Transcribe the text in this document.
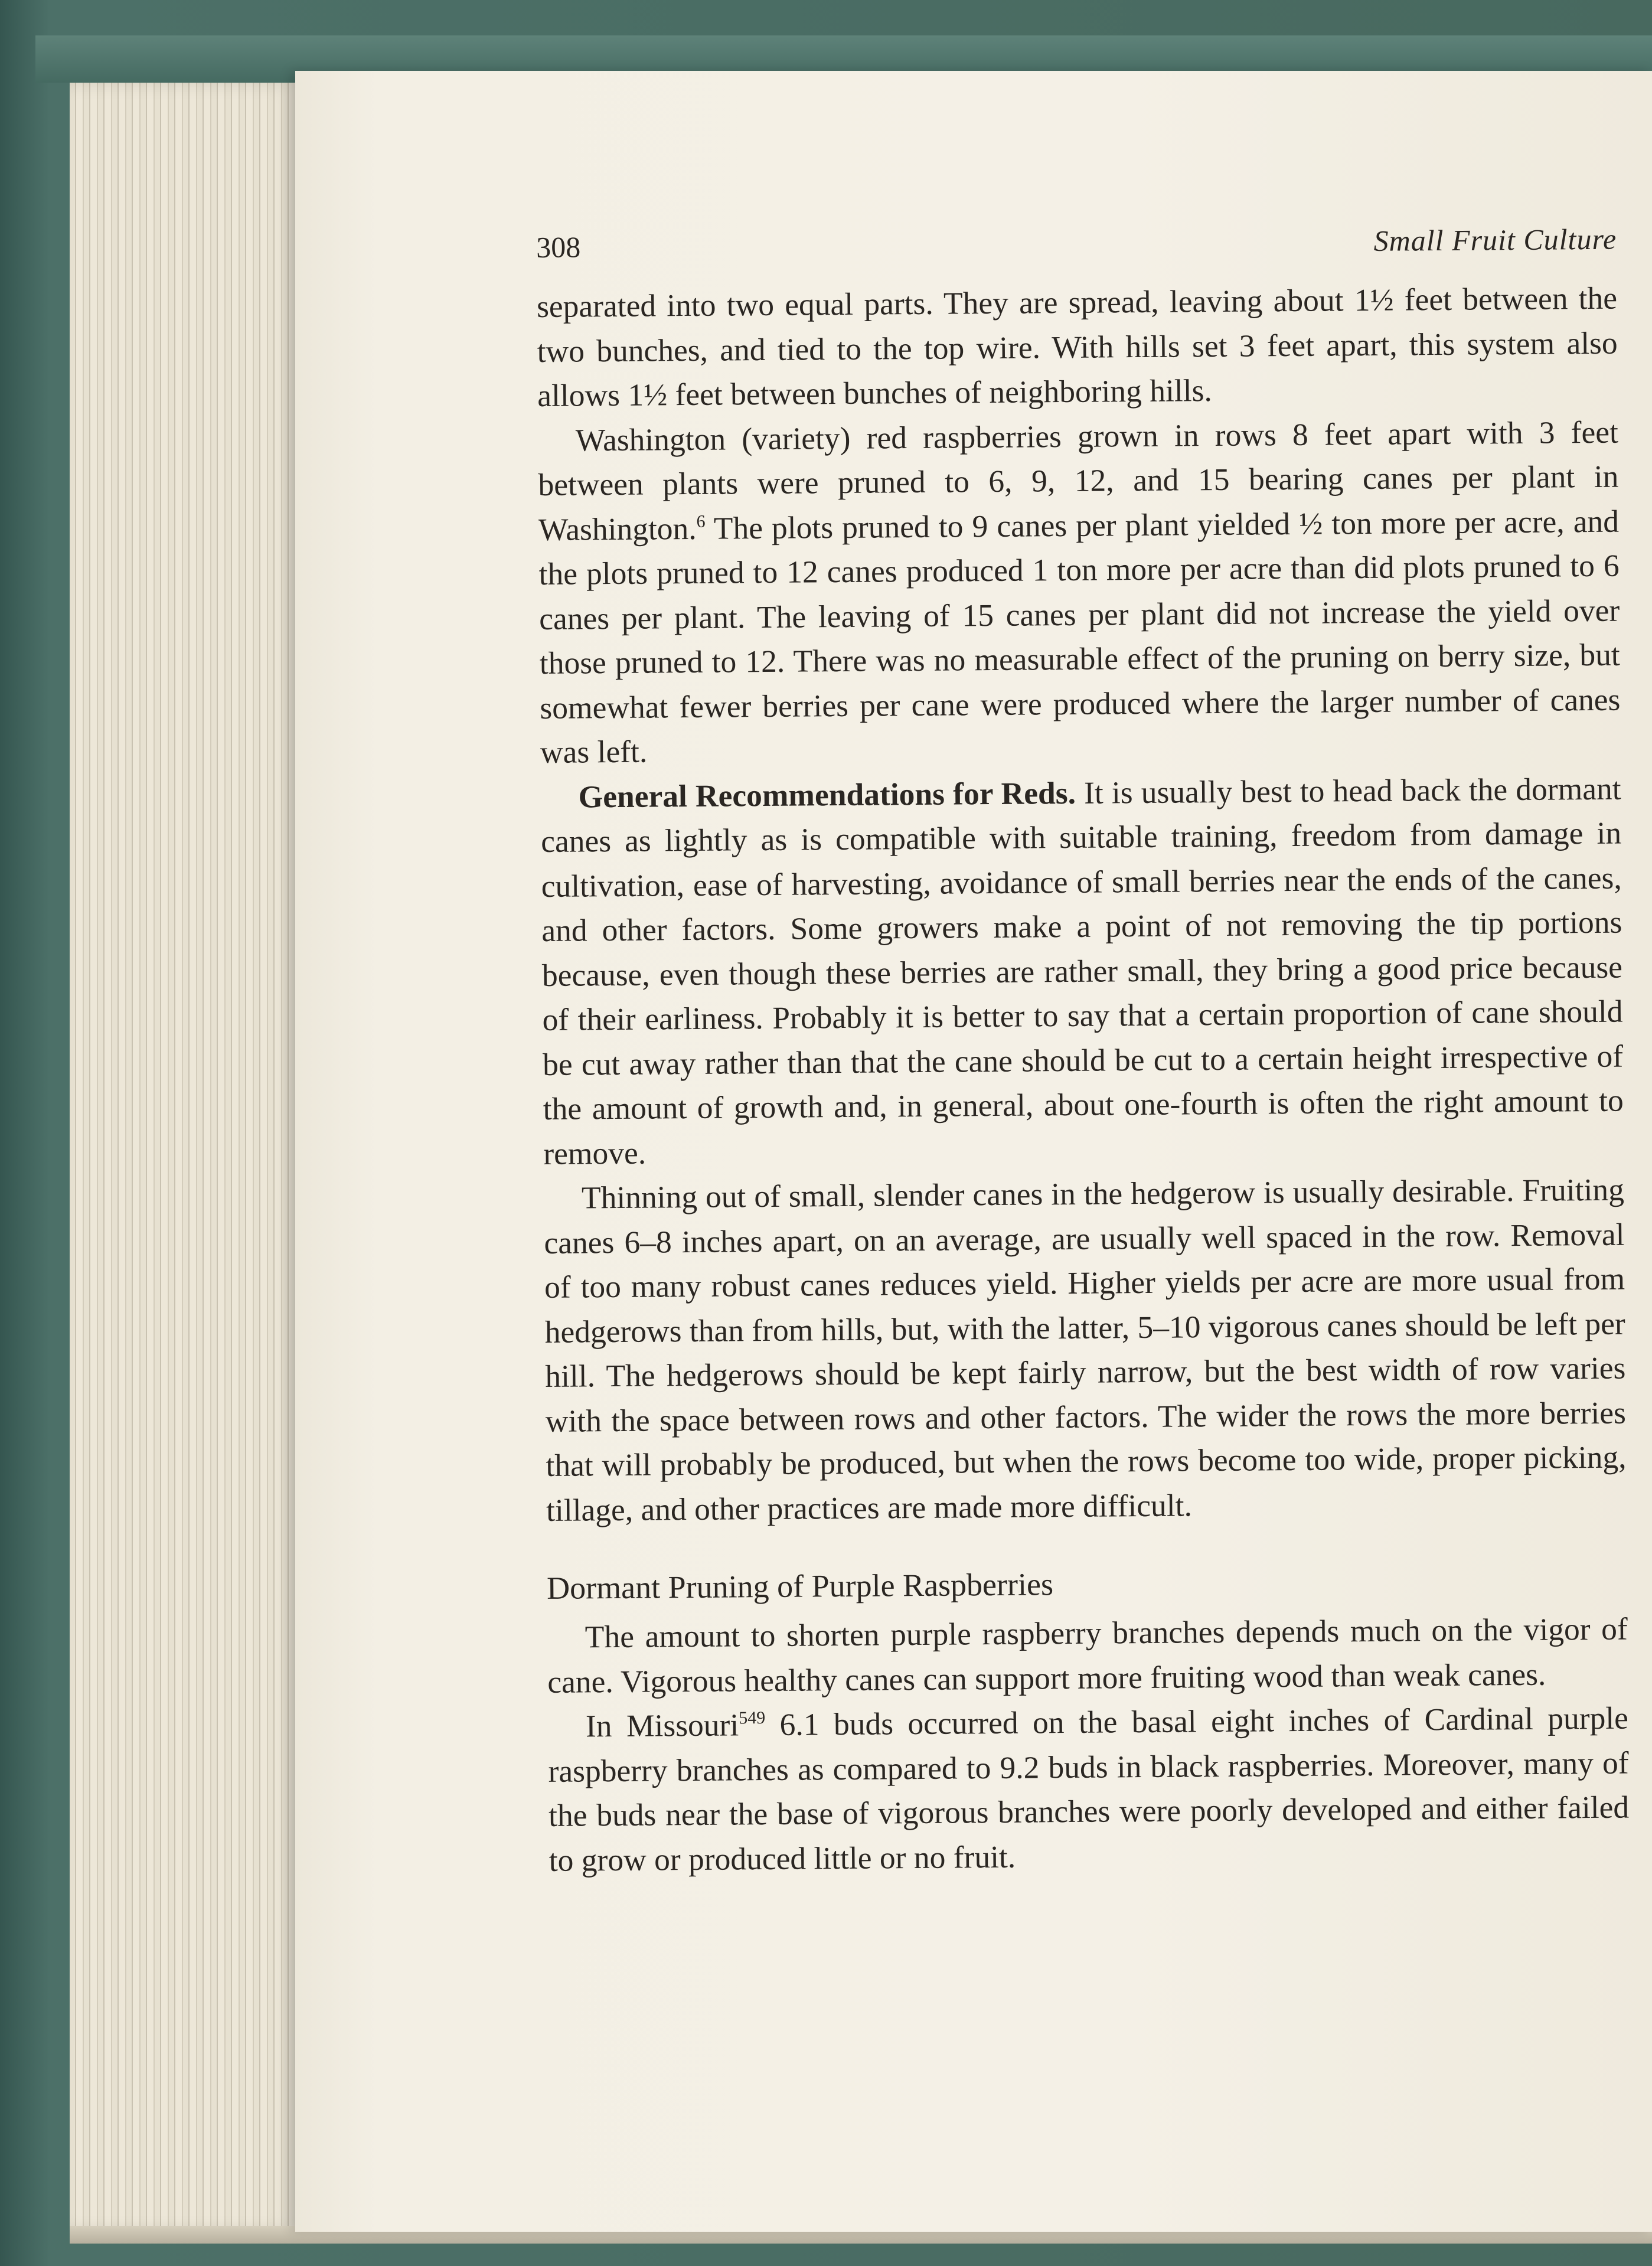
308	Small Fruit Culture

separated into two equal parts. They are spread, leaving about 1½ feet between the two bunches, and tied to the top wire. With hills set 3 feet apart, this system also allows 1½ feet between bunches of neighboring hills.

Washington (variety) red raspberries grown in rows 8 feet apart with 3 feet between plants were pruned to 6, 9, 12, and 15 bearing canes per plant in Washington.$^6$ The plots pruned to 9 canes per plant yielded ½ ton more per acre, and the plots pruned to 12 canes produced 1 ton more per acre than did plots pruned to 6 canes per plant. The leaving of 15 canes per plant did not increase the yield over those pruned to 12. There was no measurable effect of the pruning on berry size, but somewhat fewer berries per cane were produced where the larger number of canes was left.

General Recommendations for Reds. It is usually best to head back the dormant canes as lightly as is compatible with suitable training, freedom from damage in cultivation, ease of harvesting, avoidance of small berries near the ends of the canes, and other factors. Some growers make a point of not removing the tip portions because, even though these berries are rather small, they bring a good price because of their earliness. Probably it is better to say that a certain proportion of cane should be cut away rather than that the cane should be cut to a certain height irrespective of the amount of growth and, in general, about one-fourth is often the right amount to remove.

Thinning out of small, slender canes in the hedgerow is usually desirable. Fruiting canes 6–8 inches apart, on an average, are usually well spaced in the row. Removal of too many robust canes reduces yield. Higher yields per acre are more usual from hedgerows than from hills, but, with the latter, 5–10 vigorous canes should be left per hill. The hedgerows should be kept fairly narrow, but the best width of row varies with the space between rows and other factors. The wider the rows the more berries that will probably be produced, but when the rows become too wide, proper picking, tillage, and other practices are made more difficult.

Dormant Pruning of Purple Raspberries

The amount to shorten purple raspberry branches depends much on the vigor of cane. Vigorous healthy canes can support more fruiting wood than weak canes.

In Missouri$^{549}$ 6.1 buds occurred on the basal eight inches of Cardinal purple raspberry branches as compared to 9.2 buds in black raspberries. Moreover, many of the buds near the base of vigorous branches were poorly developed and either failed to grow or produced little or no fruit.
